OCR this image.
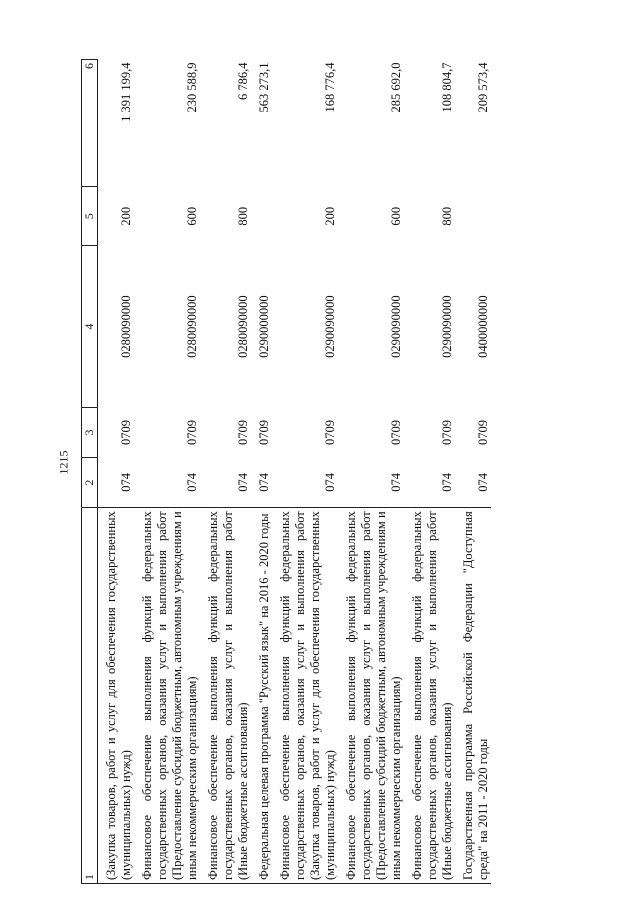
1215
1	2	3	4	5	6
(Закупка товаров, работ и услуг для обеспечения государственных (муниципальных) нужд)	074	0709	0280090000	200	1 391 199,4
Финансовое обеспечение выполнения функций федеральных государственных органов, оказания услуг и выполнения работ (Предоставление субсидий бюджетным, автономным учреждениям и иным некоммерческим организациям)	074	0709	0280090000	600	230 588,9
Финансовое обеспечение выполнения функций федеральных государственных органов, оказания услуг и выполнения работ (Иные бюджетные ассигнования)	074	0709	0280090000	800	6 786,4
Федеральная целевая программа "Русский язык" на 2016 - 2020 годы	074	0709	0290000000		563 273,1
Финансовое обеспечение выполнения функций федеральных государственных органов, оказания услуг и выполнения работ (Закупка товаров, работ и услуг для обеспечения государственных (муниципальных) нужд)	074	0709	0290090000	200	168 776,4
Финансовое обеспечение выполнения функций федеральных государственных органов, оказания услуг и выполнения работ (Предоставление субсидий бюджетным, автономным учреждениям и иным некоммерческим организациям)	074	0709	0290090000	600	285 692,0
Финансовое обеспечение выполнения функций федеральных государственных органов, оказания услуг и выполнения работ (Иные бюджетные ассигнования)	074	0709	0290090000	800	108 804,7
Государственная программа Российской Федерации "Доступная среда" на 2011 - 2020 годы	074	0709	0400000000		209 573,4
